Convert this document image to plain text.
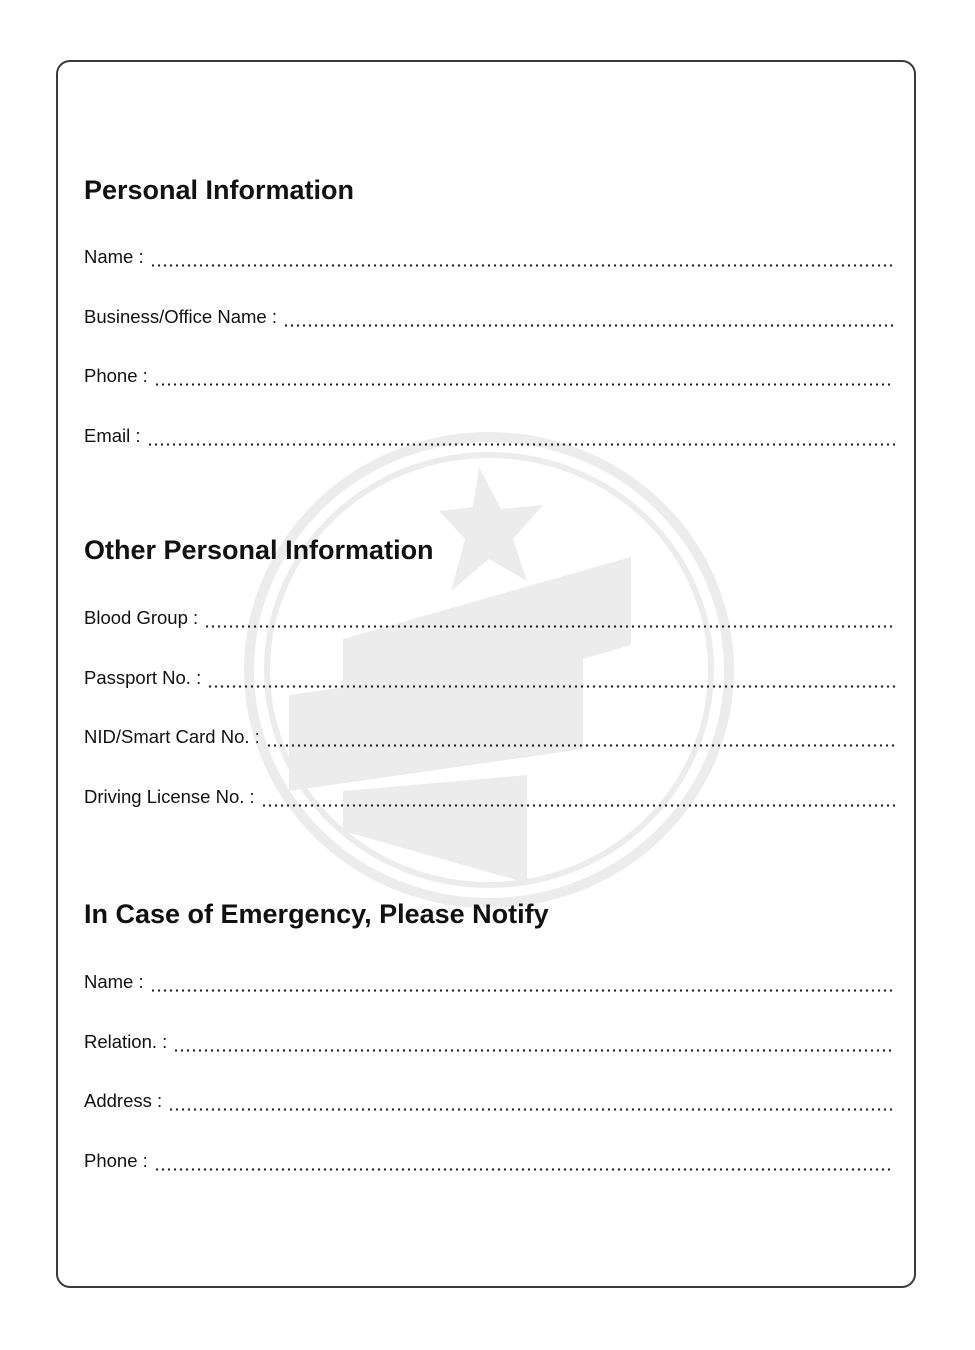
Personal Information
Name :
Business/Office Name :
Phone :
Email :
Other Personal Information
Blood Group :
Passport No. :
NID/Smart Card No. :
Driving License No. :
In Case of Emergency, Please Notify
Name :
Relation. :
Address :
Phone :
